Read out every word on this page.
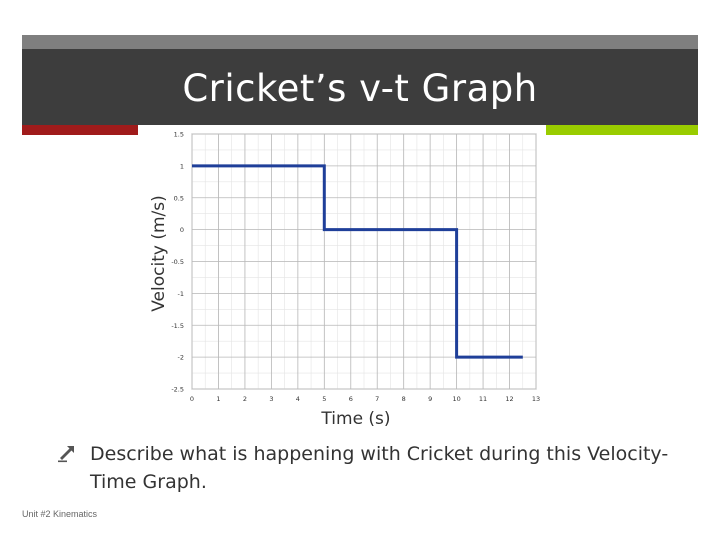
Cricket’s v-t Graph
0	1	2	3	4	5	6	7	8	9	10	11	12	13
1.5
1
0.5
0
-0.5
-1
-1.5
-2
-2.5
Time (s)
Velocity (m/s)
Describe what is happening with Cricket during this Velocity-Time Graph.
Unit #2 Kinematics
